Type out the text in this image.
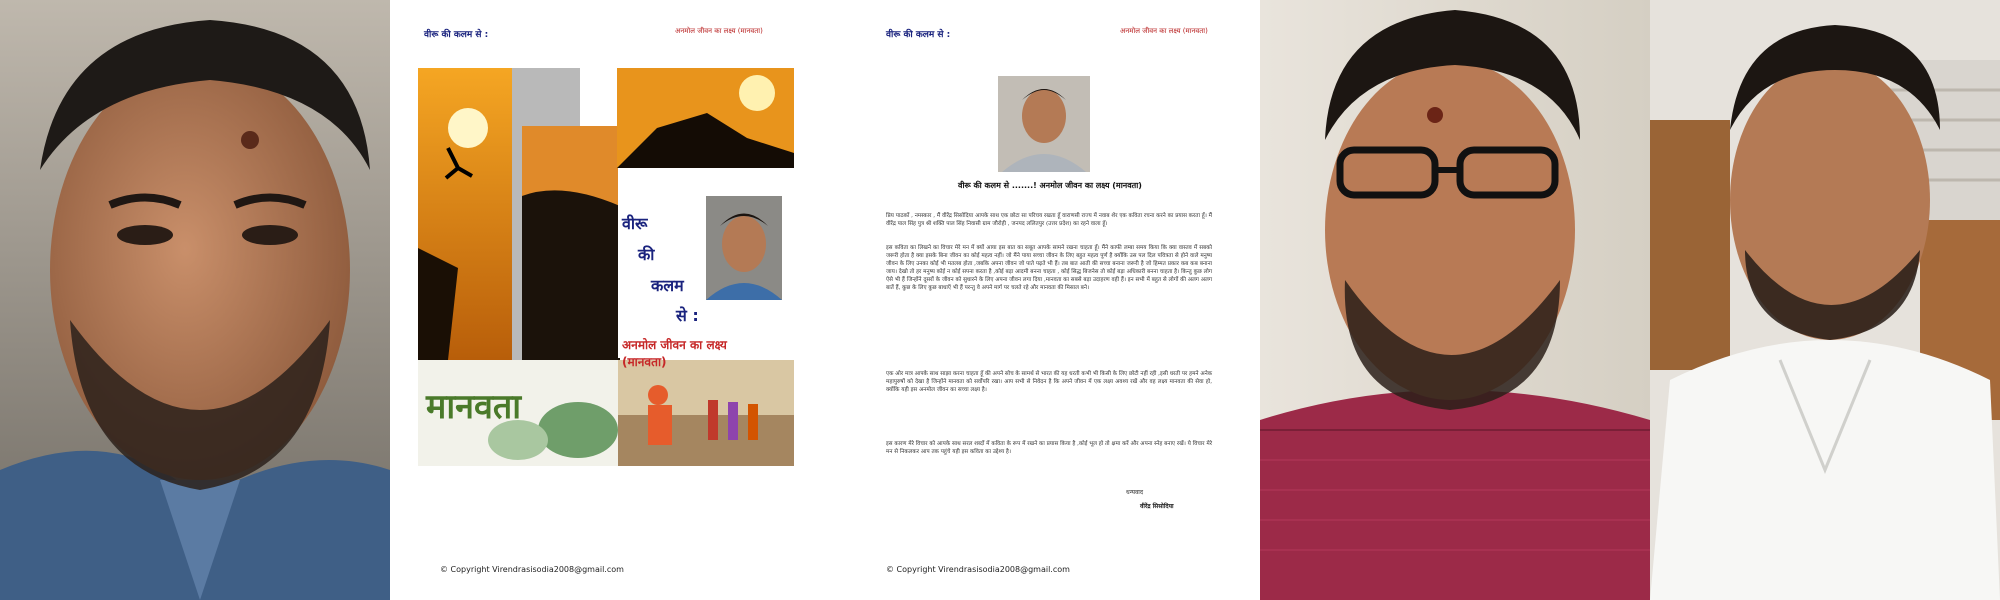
वीरू की कलम से :	अनमोल जीवन का लक्ष्य (मानवता)
© Copyright Virendrasisodia2008@gmail.com
वीरू
की
कलम
से :
अनमोल जीवन का लक्ष्य
(मानवता)
मानवता
वीरू की कलम से :	अनमोल जीवन का लक्ष्य (मानवता)
© Copyright Virendrasisodia2008@gmail.com
वीरू की कलम से .......! अनमोल जीवन का लक्ष्य (मानवता)
प्रिय पाठकों , नमस्कार , मैं वीरेंद्र सिसोदिया आपके साथ एक छोटा सा परिचय रखता हूँ वाराणसी राज्य में नवाब शेर एक कविता रचना करने का प्रयास करता हूँ। मैं वीरेंद्र पाल सिंह पुत्र श्री शक्ति पाल सिंह निवासी ग्राम जौरोही , जनपद ललितपुर (उत्तर प्रदेश) का रहने वाला हूँ।
इस कविता का लिखने का विचार मेरे मन में क्यों आया इस बात का सबूत आपके सामने रखना चाहता हूँ। मैंने काफी लम्बा समय किया कि क्या वास्तव में सबको जरूरी होता है क्या इसके बिना जीवन का कोई महत्व नहीं। जो मैंने पाया सच्चा जीवन के लिए बहुत महत्व पूर्ण है क्योंकि उस पल दिल पवित्रता से होने वाले मनुष्य जीवन के लिए उनका कोई भी मतलब होता ,जबकि अपना जीवन जो पाते पढ़ते भी हैं। तब बात आती की सच्चा बनाना जरूरी है जो हिम्मत प्रकार कब कब बनाना जाय। देखो तो हर मनुष्य कोई न कोई सपना करता है ,कोई बड़ा आदमी बनना चाहता , कोई सिद्ध बिजनेस तो कोई बड़ा अधिकारी बनना चाहता है। किन्तु कुछ लोग ऐसे भी हैं जिन्होंने दूसरों के जीवन को सुधारने के लिए अपना जीवन लगा दिया ,मानवता का सबसे बड़ा उदाहरण वही हैं। इन सभी में बहुत से लोगों की अलग अलग बातें हैं, कुछ के लिए कुछ बाधाएँ भी हैं परन्तु वे अपने मार्ग पर चलते रहे और मानवता की मिसाल बने।
एक ओर मात्र आपके साथ साझा करना चाहता हूँ की अपने सोच के सामर्थ से भारत की यह धरती कभी भी किसी के लिए छोटी नहीं रही ,इसी धरती पर हमने अनेक महापुरुषों को देखा है जिन्होंने मानवता को सर्वोपरि रखा। आप सभी से निवेदन है कि अपने जीवन में एक लक्ष्य अवश्य रखें और वह लक्ष्य मानवता की सेवा हो, क्योंकि यही इस अनमोल जीवन का सच्चा लक्ष्य है।
इस कारण मेरे विचार को आपके साथ सरल शब्दों में कविता के रूप में रखने का प्रयास किया है ,कोई भूल हो तो क्षमा करें और अपना स्नेह बनाए रखें। ये विचार मेरे मन से निकलकर आप तक पहुंचे यही इस कविता का उद्देश्य है।
धन्यवाद
वीरेंद्र सिसोदिया
